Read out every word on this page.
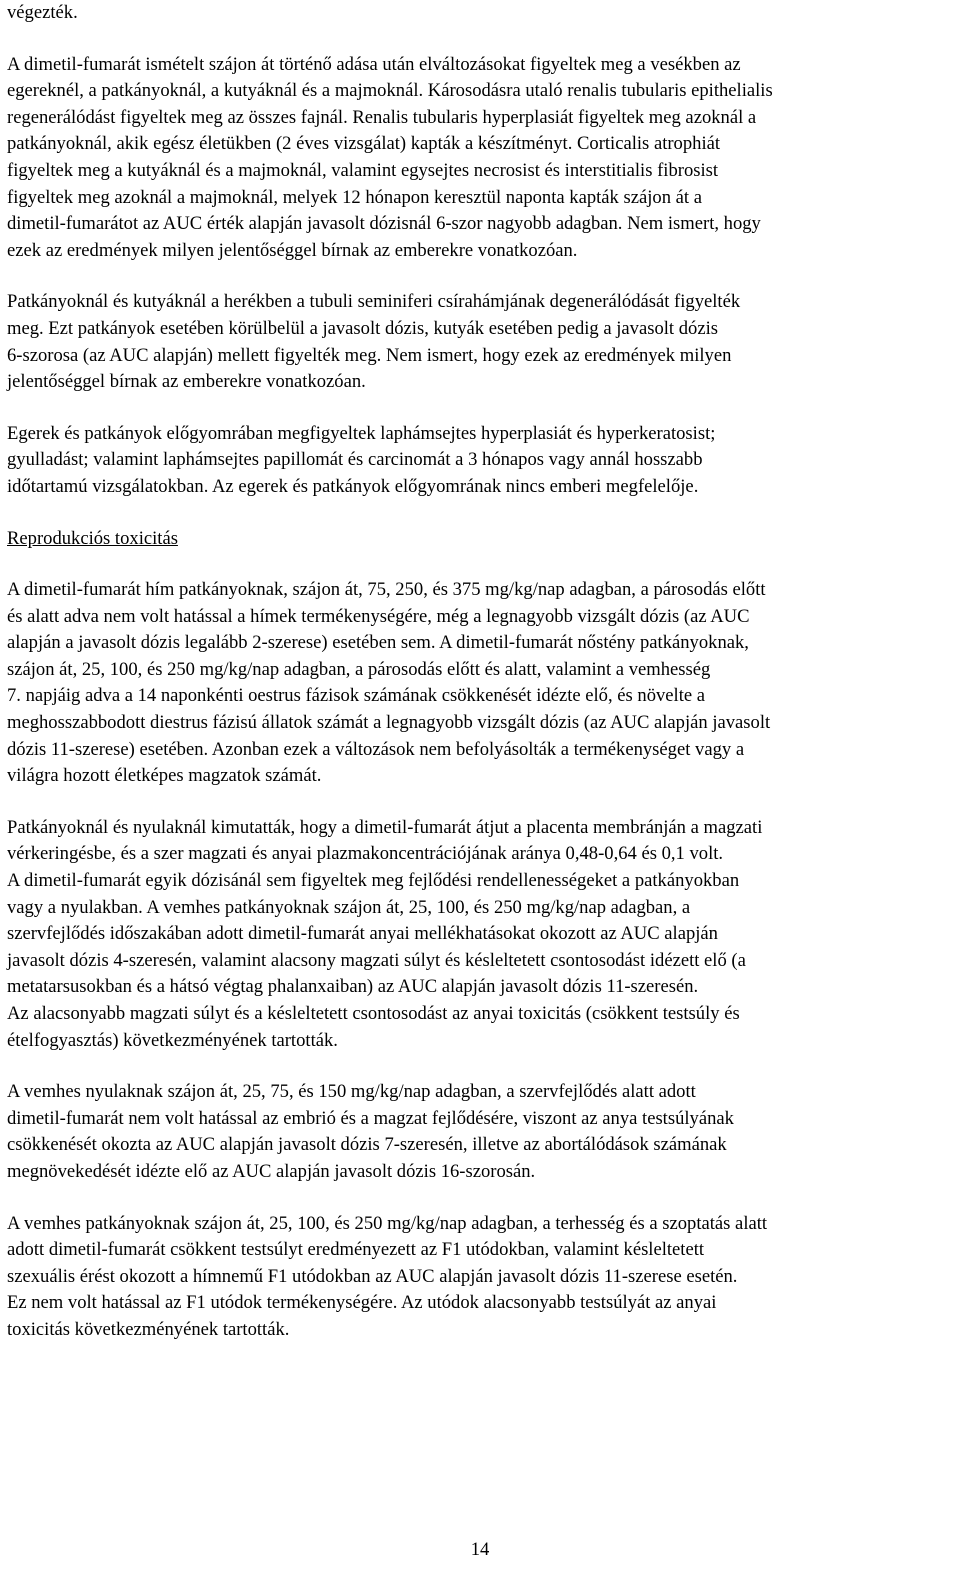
végezték.

A dimetil-fumarát ismételt szájon át történő adása után elváltozásokat figyeltek meg a vesékben az

egereknél, a patkányoknál, a kutyáknál és a majmoknál. Károsodásra utaló renalis tubularis epithelialis

regenerálódást figyeltek meg az összes fajnál. Renalis tubularis hyperplasiát figyeltek meg azoknál a

patkányoknál, akik egész életükben (2 éves vizsgálat) kapták a készítményt. Corticalis atrophiát

figyeltek meg a kutyáknál és a majmoknál, valamint egysejtes necrosist és interstitialis fibrosist

figyeltek meg azoknál a majmoknál, melyek 12 hónapon keresztül naponta kapták szájon át a

dimetil-fumarátot az AUC érték alapján javasolt dózisnál 6-szor nagyobb adagban. Nem ismert, hogy

ezek az eredmények milyen jelentőséggel bírnak az emberekre vonatkozóan.

Patkányoknál és kutyáknál a herékben a tubuli seminiferi csírahámjának degenerálódását figyelték

meg. Ezt patkányok esetében körülbelül a javasolt dózis, kutyák esetében pedig a javasolt dózis

6-szorosa (az AUC alapján) mellett figyelték meg. Nem ismert, hogy ezek az eredmények milyen

jelentőséggel bírnak az emberekre vonatkozóan.

Egerek és patkányok előgyomrában megfigyeltek laphámsejtes hyperplasiát és hyperkeratosist;

gyulladást; valamint laphámsejtes papillomát és carcinomát a 3 hónapos vagy annál hosszabb

időtartamú vizsgálatokban. Az egerek és patkányok előgyomrának nincs emberi megfelelője.

Reprodukciós toxicitás

A dimetil-fumarát hím patkányoknak, szájon át, 75, 250, és 375 mg/kg/nap adagban, a párosodás előtt

és alatt adva nem volt hatással a hímek termékenységére, még a legnagyobb vizsgált dózis (az AUC

alapján a javasolt dózis legalább 2-szerese) esetében sem. A dimetil-fumarát nőstény patkányoknak,

szájon át, 25, 100, és 250 mg/kg/nap adagban, a párosodás előtt és alatt, valamint a vemhesség

7. napjáig adva a 14 naponkénti oestrus fázisok számának csökkenését idézte elő, és növelte a

meghosszabbodott diestrus fázisú állatok számát a legnagyobb vizsgált dózis (az AUC alapján javasolt

dózis 11-szerese) esetében. Azonban ezek a változások nem befolyásolták a termékenységet vagy a

világra hozott életképes magzatok számát.

Patkányoknál és nyulaknál kimutatták, hogy a dimetil-fumarát átjut a placenta membránján a magzati

vérkeringésbe, és a szer magzati és anyai plazmakoncentrációjának aránya 0,48-0,64 és 0,1 volt.

A dimetil-fumarát egyik dózisánál sem figyeltek meg fejlődési rendellenességeket a patkányokban

vagy a nyulakban. A vemhes patkányoknak szájon át, 25, 100, és 250 mg/kg/nap adagban, a

szervfejlődés időszakában adott dimetil-fumarát anyai mellékhatásokat okozott az AUC alapján

javasolt dózis 4-szeresén, valamint alacsony magzati súlyt és késleltetett csontosodást idézett elő (a

metatarsusokban és a hátsó végtag phalanxaiban) az AUC alapján javasolt dózis 11-szeresén.

Az alacsonyabb magzati súlyt és a késleltetett csontosodást az anyai toxicitás (csökkent testsúly és

ételfogyasztás) következményének tartották.

A vemhes nyulaknak szájon át, 25, 75, és 150 mg/kg/nap adagban, a szervfejlődés alatt adott

dimetil-fumarát nem volt hatással az embrió és a magzat fejlődésére, viszont az anya testsúlyának

csökkenését okozta az AUC alapján javasolt dózis 7-szeresén, illetve az abortálódások számának

megnövekedését idézte elő az AUC alapján javasolt dózis 16-szorosán.

A vemhes patkányoknak szájon át, 25, 100, és 250 mg/kg/nap adagban, a terhesség és a szoptatás alatt

adott dimetil-fumarát csökkent testsúlyt eredményezett az F1 utódokban, valamint késleltetett

szexuális érést okozott a hímnemű F1 utódokban az AUC alapján javasolt dózis 11-szerese esetén.

Ez nem volt hatással az F1 utódok termékenységére. Az utódok alacsonyabb testsúlyát az anyai

toxicitás következményének tartották.

14
